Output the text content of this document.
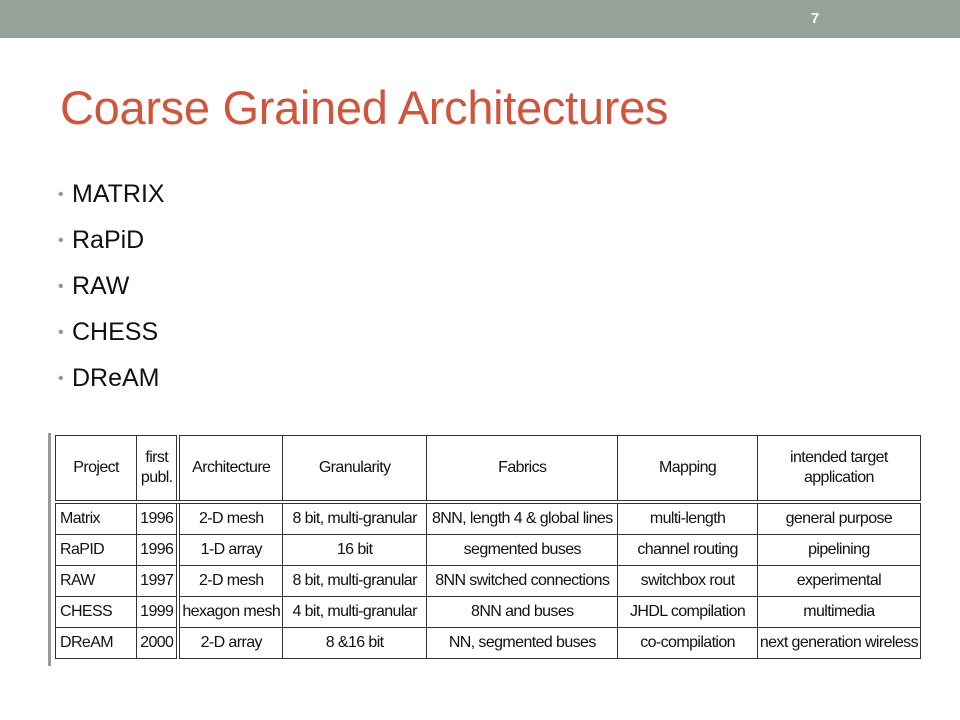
7
Coarse Grained Architectures
• MATRIX
• RaPiD
• RAW
• CHESS
• DReAM
Project	first publ.	Architecture	Granularity	Fabrics	Mapping	intended target application
Matrix	1996	2-D mesh	8 bit, multi-granular	8NN, length 4 & global lines	multi-length	general purpose
RaPID	1996	1-D array	16 bit	segmented buses	channel routing	pipelining
RAW	1997	2-D mesh	8 bit, multi-granular	8NN switched connections	switchbox rout	experimental
CHESS	1999	hexagon mesh	4 bit, multi-granular	8NN and buses	JHDL compilation	multimedia
DReAM	2000	2-D array	8 &16 bit	NN, segmented buses	co-compilation	next generation wireless
